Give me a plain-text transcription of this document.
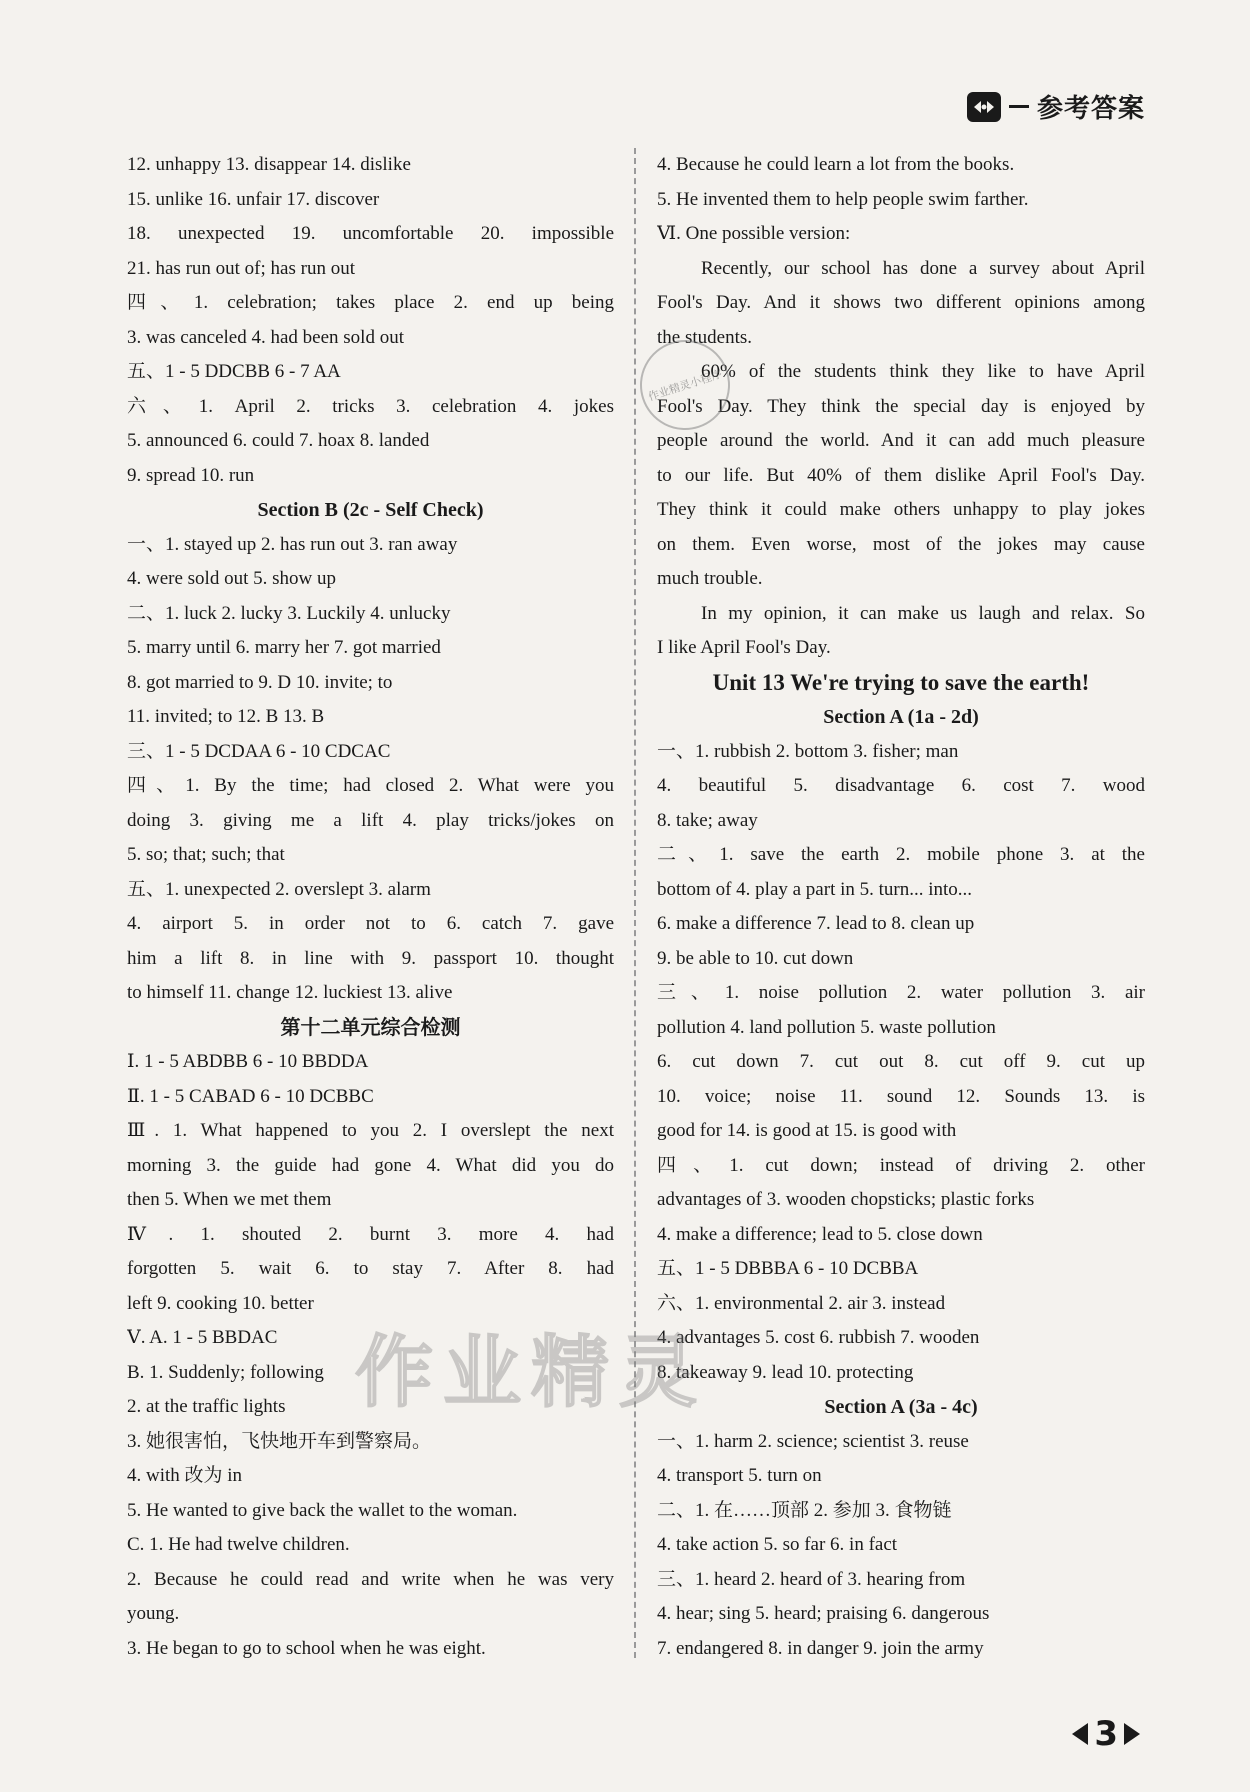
参考答案
12. unhappy 13. disappear 14. dislike
15. unlike 16. unfair 17. discover
18. unexpected 19. uncomfortable 20. impossible
21. has run out of; has run out
四、1. celebration; takes place 2. end up being
3. was canceled 4. had been sold out
五、1 - 5 DDCBB 6 - 7 AA
六、1. April 2. tricks 3. celebration 4. jokes
5. announced 6. could 7. hoax 8. landed
9. spread 10. run
Section B (2c - Self Check)
一、1. stayed up 2. has run out 3. ran away
4. were sold out 5. show up
二、1. luck 2. lucky 3. Luckily 4. unlucky
5. marry until 6. marry her 7. got married
8. got married to 9. D 10. invite; to
11. invited; to 12. B 13. B
三、1 - 5 DCDAA 6 - 10 CDCAC
四、1. By the time; had closed 2. What were you
doing 3. giving me a lift 4. play tricks/jokes on
5. so; that; such; that
五、1. unexpected 2. overslept 3. alarm
4. airport 5. in order not to 6. catch 7. gave
him a lift 8. in line with 9. passport 10. thought
to himself 11. change 12. luckiest 13. alive
第十二单元综合检测
Ⅰ. 1 - 5 ABDBB 6 - 10 BBDDA
Ⅱ. 1 - 5 CABAD 6 - 10 DCBBC
Ⅲ. 1. What happened to you 2. I overslept the next
morning 3. the guide had gone 4. What did you do
then 5. When we met them
Ⅳ. 1. shouted 2. burnt 3. more 4. had
forgotten 5. wait 6. to stay 7. After 8. had
left 9. cooking 10. better
Ⅴ. A. 1 - 5 BBDAC
B. 1. Suddenly; following
2. at the traffic lights
3. 她很害怕，飞快地开车到警察局。
4. with 改为 in
5. He wanted to give back the wallet to the woman.
C. 1. He had twelve children.
2. Because he could read and write when he was very
young.
3. He began to go to school when he was eight.
4. Because he could learn a lot from the books.
5. He invented them to help people swim farther.
Ⅵ. One possible version:
Recently, our school has done a survey about April
Fool's Day. And it shows two different opinions among
the students.
60% of the students think they like to have April
Fool's Day. They think the special day is enjoyed by
people around the world. And it can add much pleasure
to our life. But 40% of them dislike April Fool's Day.
They think it could make others unhappy to play jokes
on them. Even worse, most of the jokes may cause
much trouble.
In my opinion, it can make us laugh and relax. So
I like April Fool's Day.
Unit 13 We're trying to save the earth!
Section A (1a - 2d)
一、1. rubbish 2. bottom 3. fisher; man
4. beautiful 5. disadvantage 6. cost 7. wood
8. take; away
二、1. save the earth 2. mobile phone 3. at the
bottom of 4. play a part in 5. turn... into...
6. make a difference 7. lead to 8. clean up
9. be able to 10. cut down
三、1. noise pollution 2. water pollution 3. air
pollution 4. land pollution 5. waste pollution
6. cut down 7. cut out 8. cut off 9. cut up
10. voice; noise 11. sound 12. Sounds 13. is
good for 14. is good at 15. is good with
四、1. cut down; instead of driving 2. other
advantages of 3. wooden chopsticks; plastic forks
4. make a difference; lead to 5. close down
五、1 - 5 DBBBA 6 - 10 DCBBA
六、1. environmental 2. air 3. instead
4. advantages 5. cost 6. rubbish 7. wooden
8. takeaway 9. lead 10. protecting
Section A (3a - 4c)
一、1. harm 2. science; scientist 3. reuse
4. transport 5. turn on
二、1. 在……顶部 2. 参加 3. 食物链
4. take action 5. so far 6. in fact
三、1. heard 2. heard of 3. hearing from
4. hear; sing 5. heard; praising 6. dangerous
7. endangered 8. in danger 9. join the army
作业精灵小程序
作业精灵
3
